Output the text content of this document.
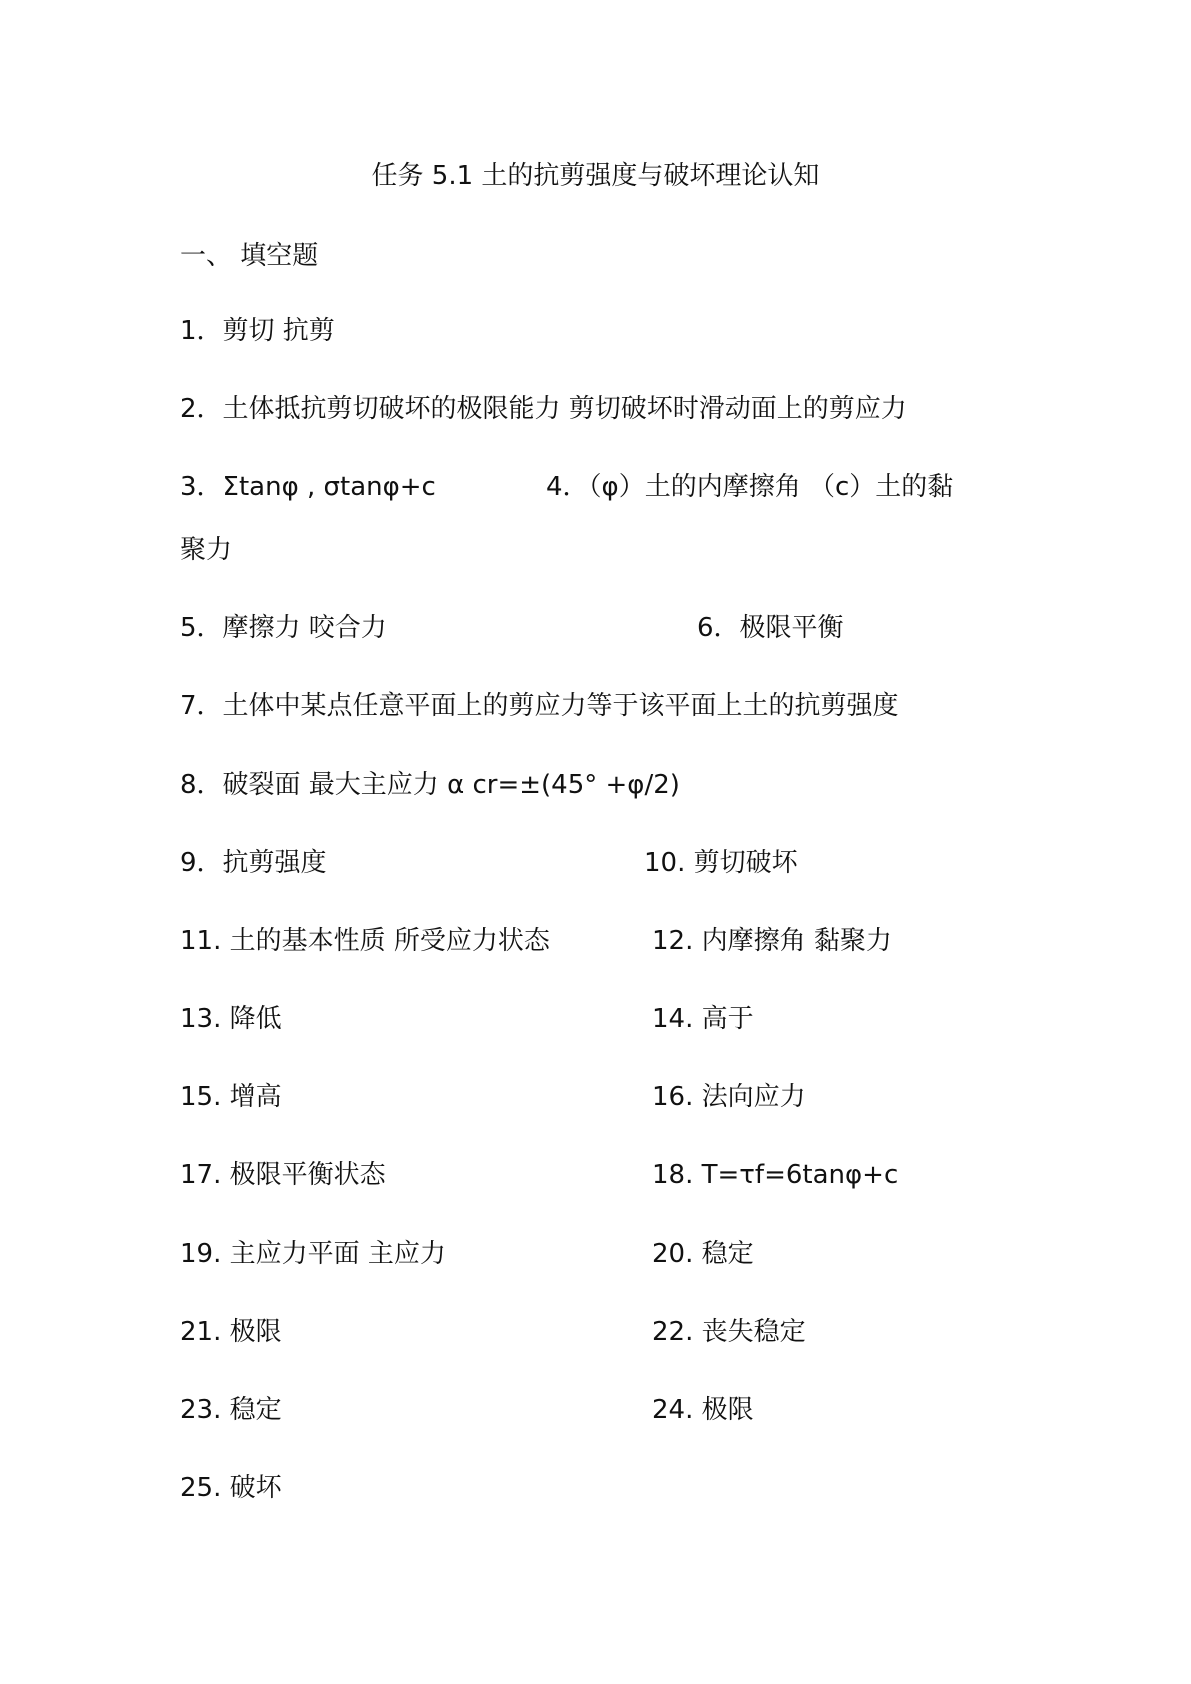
任务 5.1 土的抗剪强度与破坏理论认知
一、 填空题
1．剪切 抗剪
2．土体抵抗剪切破坏的极限能力 剪切破坏时滑动面上的剪应力
3．Σtanφ , σtanφ+c	4．（φ）土的内摩擦角 （c）土的黏
聚力
5．摩擦力 咬合力	6．极限平衡
7．土体中某点任意平面上的剪应力等于该平面上土的抗剪强度
8．破裂面 最大主应力 α cr=±(45° +φ/2)
9．抗剪强度	10. 剪切破坏
11. 土的基本性质 所受应力状态	12. 内摩擦角 黏聚力
13. 降低	14. 高于
15. 增高	16. 法向应力
17. 极限平衡状态	18. T=τf=6tanφ+c
19. 主应力平面 主应力	20. 稳定
21. 极限	22. 丧失稳定
23. 稳定	24. 极限
25. 破坏
